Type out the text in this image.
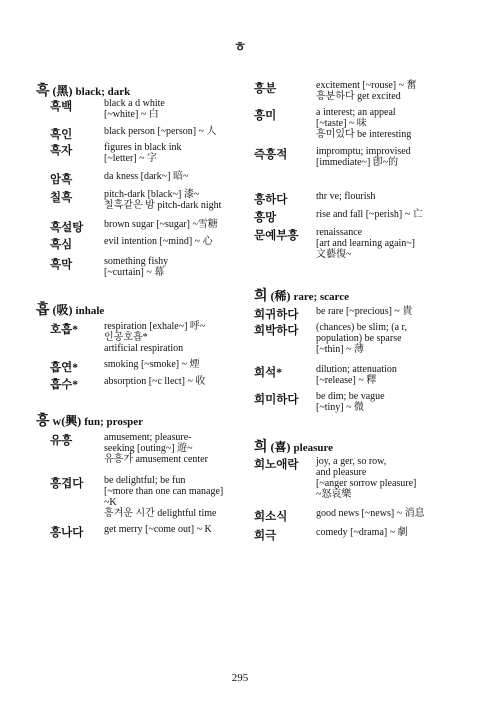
ㅎ
흑 (黑) black; dark
흑백	black a d white
[~white] ~ 白
흑인	black person [~person] ~ 人
흑자	figures in black ink
[~letter] ~ 字
암흑	da kness [dark~] 暗~
칠흑	pitch-dark [black~] 漆~
칠흑같은 밤 pitch-dark night
흑설탕 brown sugar [~sugar] ~雪糖
흑심	evil intention [~mind] ~ 心
흑막	something fishy
[~curtain] ~ 幕
흡 (吸) inhale
호흡*	respiration [exhale~] 呼~
인공호흡*
artificial respiration
흡연*	smoking [~smoke] ~ 煙
흡수*	absorption [~c llect] ~ 收
흥 w(興) fun; prosper
유흥	amusement; pleasure-
seeking [outing~] 遊~
유흥가 amusement center
흥겹다 be delightful; be fun
[~more than one can manage]
~K
흥겨운 시간 delightful time
흥나다 get merry [~come out] ~ K
흥분	excitement [~rouse] ~ 奮
흥분하다 get excited
흥미	a interest; an appeal
[~taste] ~ 味
흥미있다 be interesting
즉흥적	impromptu; improvised
[immediate~] 卽~的
흥하다	thr ve; flourish
흥망	rise and fall [~perish] ~ 亡
문예부흥 renaissance
[art and learning again~]
文藝復~
희 (稀) rare; scarce
희귀하다 be rare [~precious] ~ 貴
희박하다 (chances) be slim; (a r,
population) be sparse
[~thin] ~ 薄
희석*	dilution; attenuation
[~release] ~ 釋
희미하다 be dim; be vague
[~tiny] ~ 微
희 (喜) pleasure
희노애락 joy, a ger, so row,
and pleasure
[~anger sorrow pleasure]
~怒哀樂
희소식	good news [~news] ~ 消息
희극	comedy [~drama] ~ 劇
295
